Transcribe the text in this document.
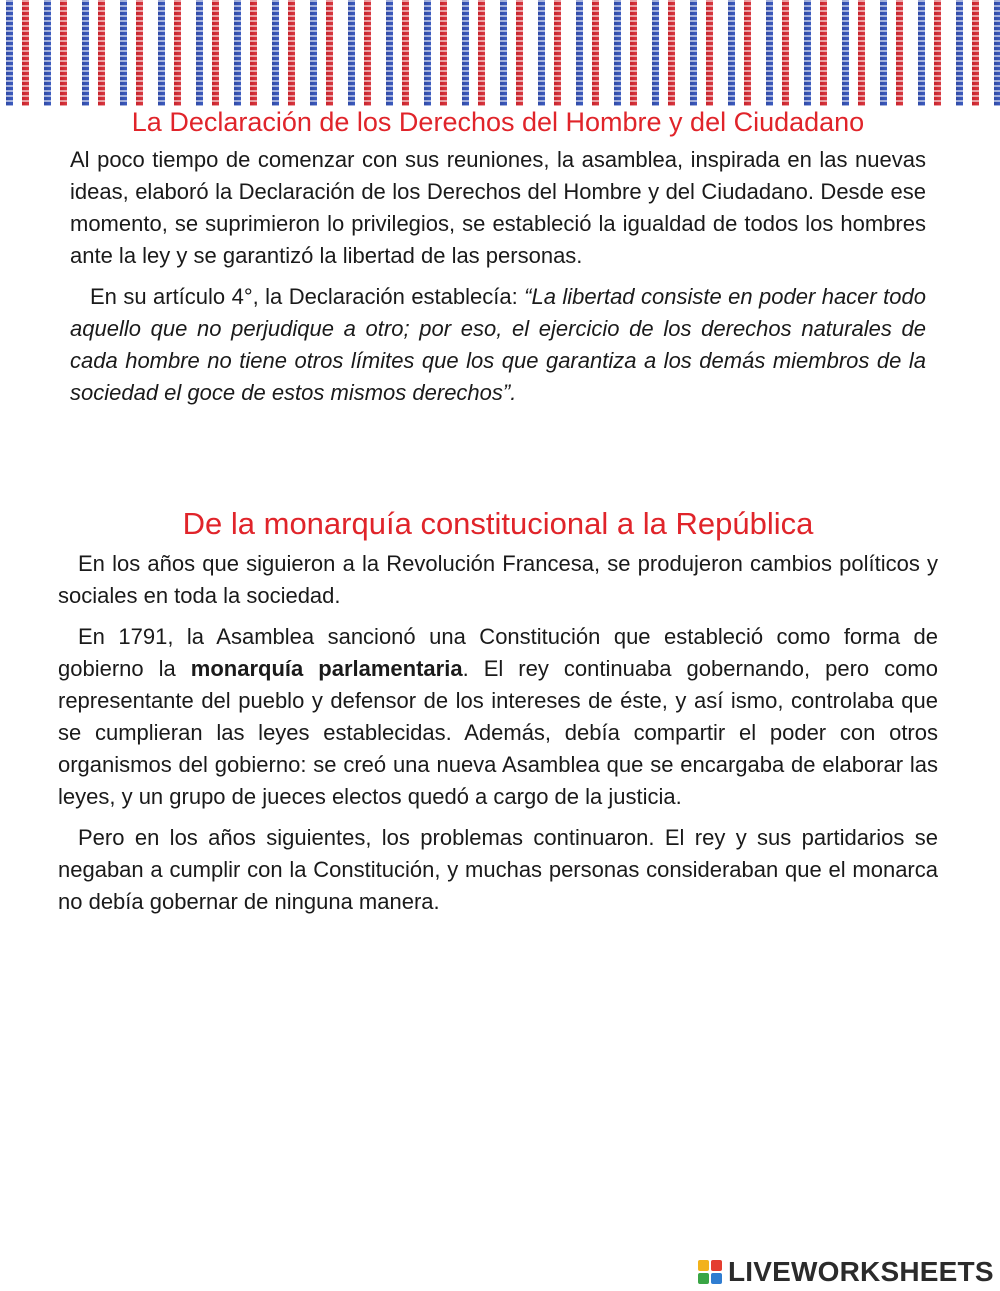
La Declaración de los Derechos del Hombre y del Ciudadano

Al poco tiempo de comenzar con sus reuniones, la asamblea, inspirada en las nuevas ideas, elaboró la Declaración de los Derechos del Hombre y del Ciudadano. Desde ese momento, se suprimieron lo privilegios, se estableció la igualdad de todos los hombres ante la ley y se garantizó la libertad de las personas.

En su artículo 4°, la Declaración establecía: “La libertad consiste en poder hacer todo aquello que no perjudique a otro; por eso, el ejercicio de los derechos naturales de cada hombre no tiene otros límites que los que garantiza a los demás miembros de la sociedad el goce de estos mismos derechos”.

De la monarquía constitucional a la República

En los años que siguieron a la Revolución Francesa, se produjeron cambios políticos y sociales en toda la sociedad.

En 1791, la Asamblea sancionó una Constitución que estableció como forma de gobierno la monarquía parlamentaria. El rey continuaba gobernando, pero como representante del pueblo y defensor de los intereses de éste, y así ismo, controlaba que se cumplieran las leyes establecidas. Además, debía compartir el poder con otros organismos del gobierno: se creó una nueva Asamblea que se encargaba de elaborar las leyes, y un grupo de jueces electos quedó a cargo de la justicia.

Pero en los años siguientes, los problemas continuaron. El rey y sus partidarios se negaban a cumplir con la Constitución, y muchas personas consideraban que el monarca no debía gobernar de ninguna manera.

LIVEWORKSHEETS
